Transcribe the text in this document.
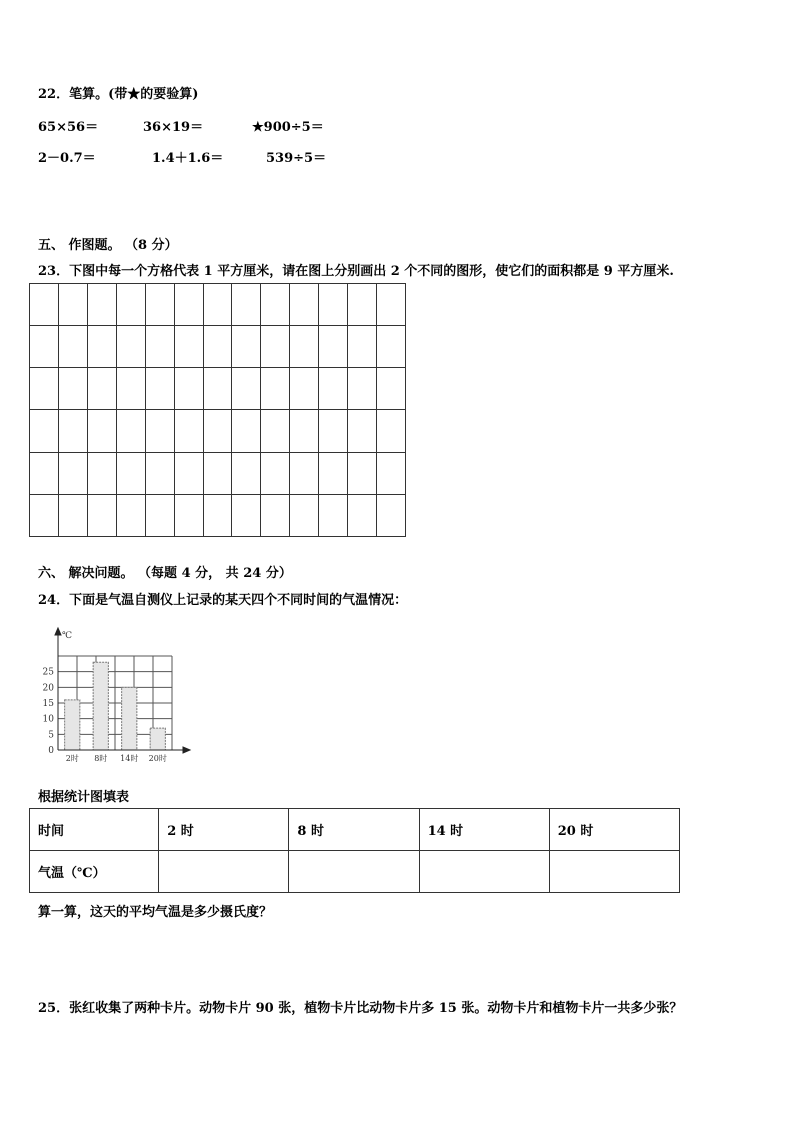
22．笔算。(带★的要验算)
65×56＝	36×19＝	★900÷5＝
2－0.7＝	1.4＋1.6＝	539÷5＝
五、 作图题。 （8 分）
23．下图中每一个方格代表 1 平方厘米，请在图上分别画出 2 个不同的图形，使它们的面积都是 9 平方厘米.

六、 解决问题。 （每题 4 分， 共 24 分）
24．下面是气温自测仪上记录的某天四个不同时间的气温情况：
0
5
10
15
20
25
℃
2时 8时 14时 20时
根据统计图填表
时间	2 时	8 时	14 时	20 时
气温（℃）				
算一算，这天的平均气温是多少摄氏度？
25．张红收集了两种卡片。动物卡片 90 张，植物卡片比动物卡片多 15 张。动物卡片和植物卡片一共多少张？
